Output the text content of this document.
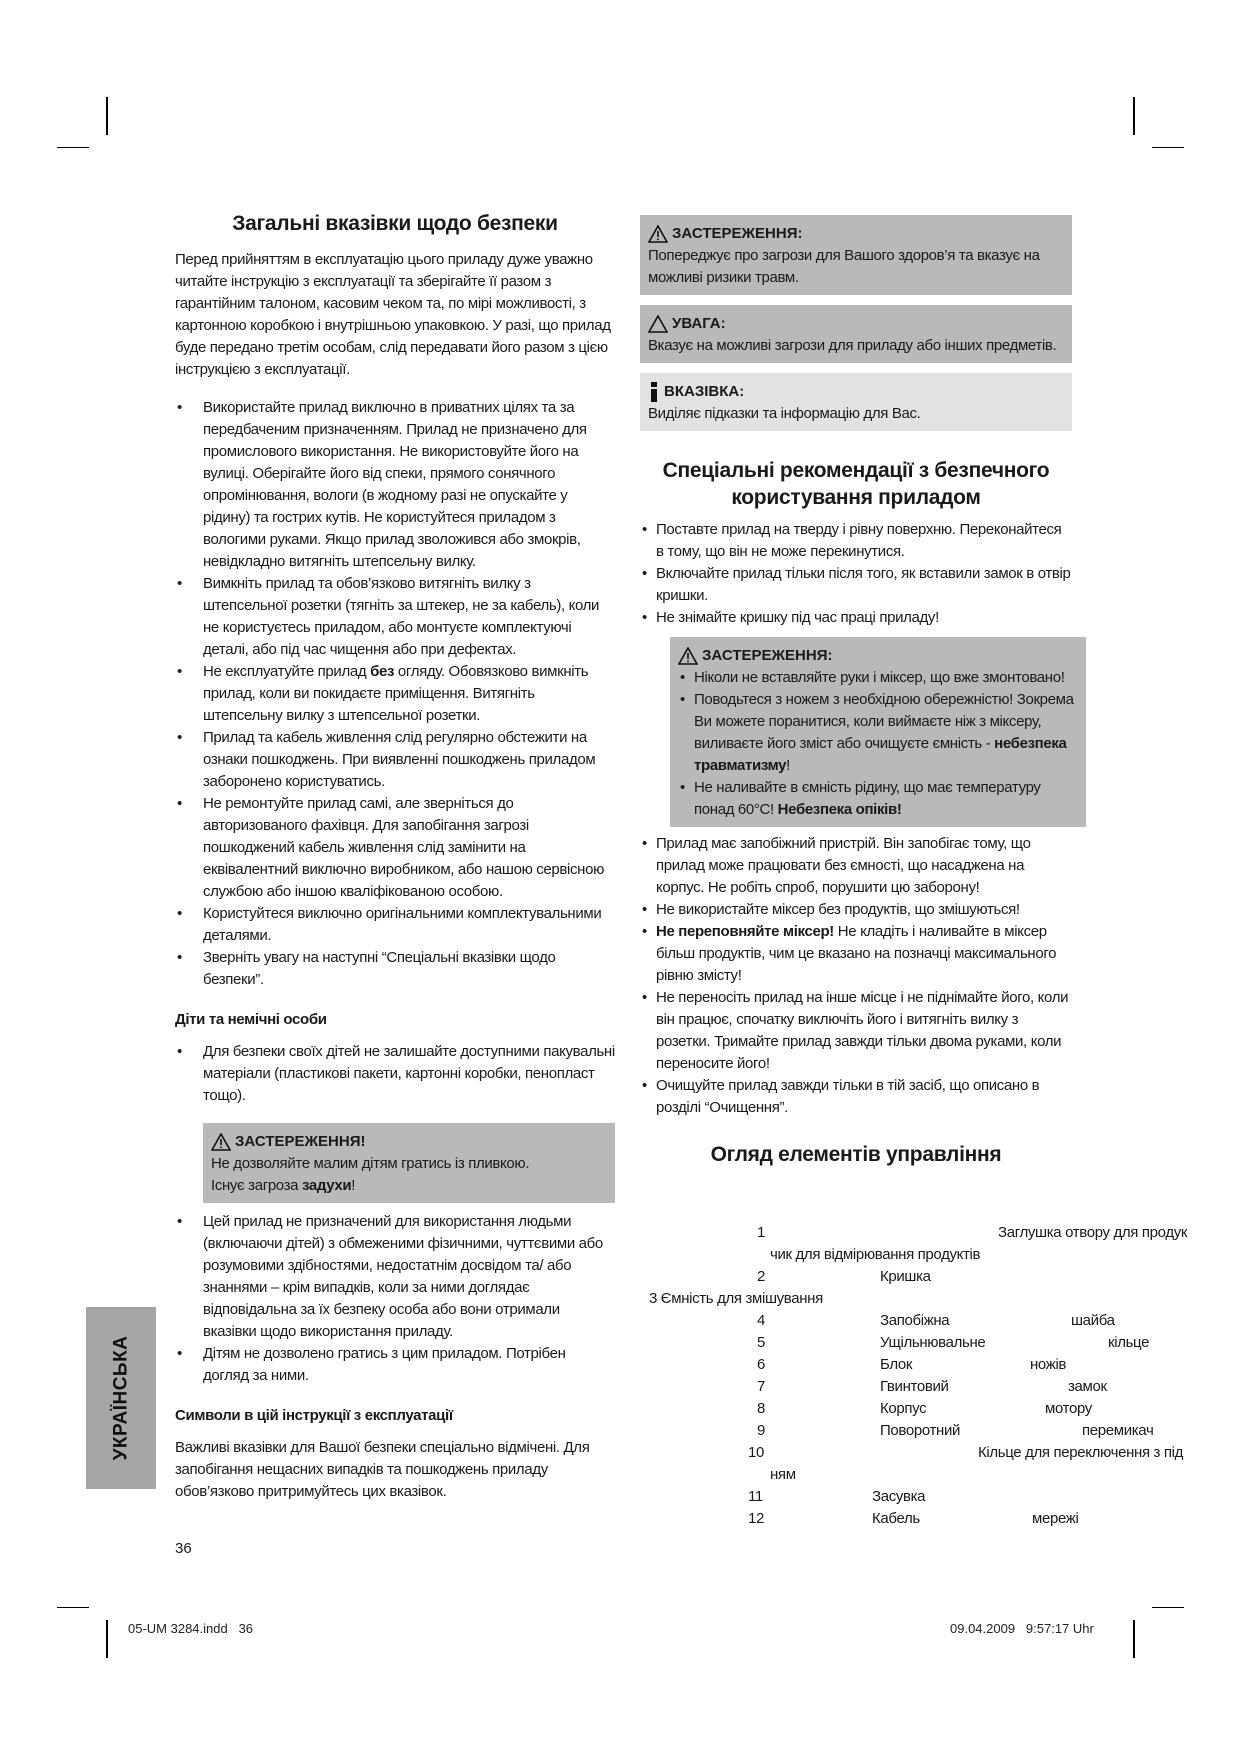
Загальні вказівки щодо безпеки

Перед прийняттям в експлуатацію цього приладу дуже уважно читайте інструкцію з експлуатації та зберігайте її разом з гарантійним талоном, касовим чеком та, по мірі можливості, з картонною коробкою і внутрішньою упаковкою. У разі, що прилад буде передано третім особам, слід передавати його разом з цією інструкцією з експлуатації.

• Використайте прилад виключно в приватних цілях та за передбаченим призначенням. Прилад не призначено для промислового використання. Не використовуйте його на вулиці. Оберігайте його від спеки, прямого сонячного опромінювання, вологи (в жодному разі не опускайте у рідину) та гострих кутів. Не користуйтеся приладом з вологими руками. Якщо прилад зволожився або змокрів, невідкладно витягніть штепсельну вилку.
• Вимкніть прилад та обов’язково витягніть вилку з штепсельної розетки (тягніть за штекер, не за кабель), коли не користуєтесь приладом, або монтуєте комплектуючі деталі, або під час чищення або при дефектах.
• Не експлуатуйте прилад без огляду. Обовязково вимкніть прилад, коли ви покидаєте приміщення. Витягніть штепсельну вилку з штепсельної розетки.
• Прилад та кабель живлення слід регулярно обстежити на ознаки пошкоджень. При виявленні пошкоджень приладом заборонено користуватись.
• Не ремонтуйте прилад самі, але зверніться до авторизованого фахівця. Для запобігання загрозі пошкоджений кабель живлення слід замінити на еквівалентний виключно виробником, або нашою сервісною службою або іншою кваліфікованою особою.
• Користуйтеся виключно оригінальними комплектувальними деталями.
• Зверніть увагу на наступні “Спеціальні вказівки щодо безпеки”.
Діти та немічні особи
• Для безпеки своїх дітей не залишайте доступними пакувальні матеріали (пластикові пакети, картонні коробки, пенопласт тощо).
ЗАСТЕРЕЖЕННЯ!
Не дозволяйте малим дітям гратись із пливкою.
Існує загроза задухи!
• Цей прилад не призначений для використання людьми (включаючи дітей) з обмеженими фізичними, чуттєвими або розумовими здібностями, недостатнім досвідом та/ або знаннями – крім випадків, коли за ними доглядає відповідальна за їх безпеку особа або вони отримали вказівки щодо використання приладу.
• Дітям не дозволено гратись з цим приладом. Потрібен догляд за ними.
Символи в цій інструкції з експлуатації

Важливі вказівки для Вашої безпеки спеціально відмічені. Для запобігання нещасних випадків та пошкоджень приладу обов’язково притримуйтесь цих вказівок.

ЗАСТЕРЕЖЕННЯ:
Попереджує про загрози для Вашого здоров’я та вказує на можливі ризики травм.
УВАГА:
Вказує на можливі загрози для приладу або інших предметів.
ВКАЗІВКА:
Виділяє підказки та інформацію для Вас.
Спеціальні рекомендації з безпечного користування приладом
• Поставте прилад на тверду і рівну поверхню. Переконайтеся в тому, що він не може перекинутися.
• Включайте прилад тільки після того, як вставили замок в отвір кришки.
• Не знімайте кришку під час праці приладу!
ЗАСТЕРЕЖЕННЯ:
• Ніколи не вставляйте руки і міксер, що вже змонтовано!
• Поводьтеся з ножем з необхідною обережністю! Зокрема Ви можете поранитися, коли виймаєте ніж з міксеру, виливаєте його зміст або очищуєте ємність - небезпека травматизму!
• Не наливайте в ємність рідину, що має температуру понад 60°C! Небезпека опіків!
• Прилад має запобіжний пристрій. Він запобігає тому, що прилад може працювати без ємності, що насаджена на корпус. Не робіть спроб, порушити цю заборону!
• Не використайте міксер без продуктів, що змішуються!
• Не переповняйте міксер! Не кладіть і наливайте в міксер більш продуктів, чим це вказано на позначці максимального рівню змісту!
• Не переносіть прилад на інше місце і не піднімайте його, коли він працює, спочатку виключіть його і витягніть вилку з розетки. Тримайте прилад завжди тільки двома руками, коли переносите його!
• Очищуйте прилад завжди тільки в тій засіб, що описано в розділі “Очищення”.
Огляд елементів управління
1	Заглушка отвору для продук
чик для відмірювання продуктів
2	Кришка
3 Ємність для змішування
4	Запобіжна	шайба
5	Ущільнювальне	кільце
6	Блок	ножів
7	Гвинтовий	замок
8	Корпус	мотору
9	Поворотний	перемикач
10	Кільце для переключення з під
ням
11	Засувка
12	Кабель	мережі
УКРАЇНСЬКА
36
05-UM 3284.indd   36	09.04.2009   9:57:17 Uhr
